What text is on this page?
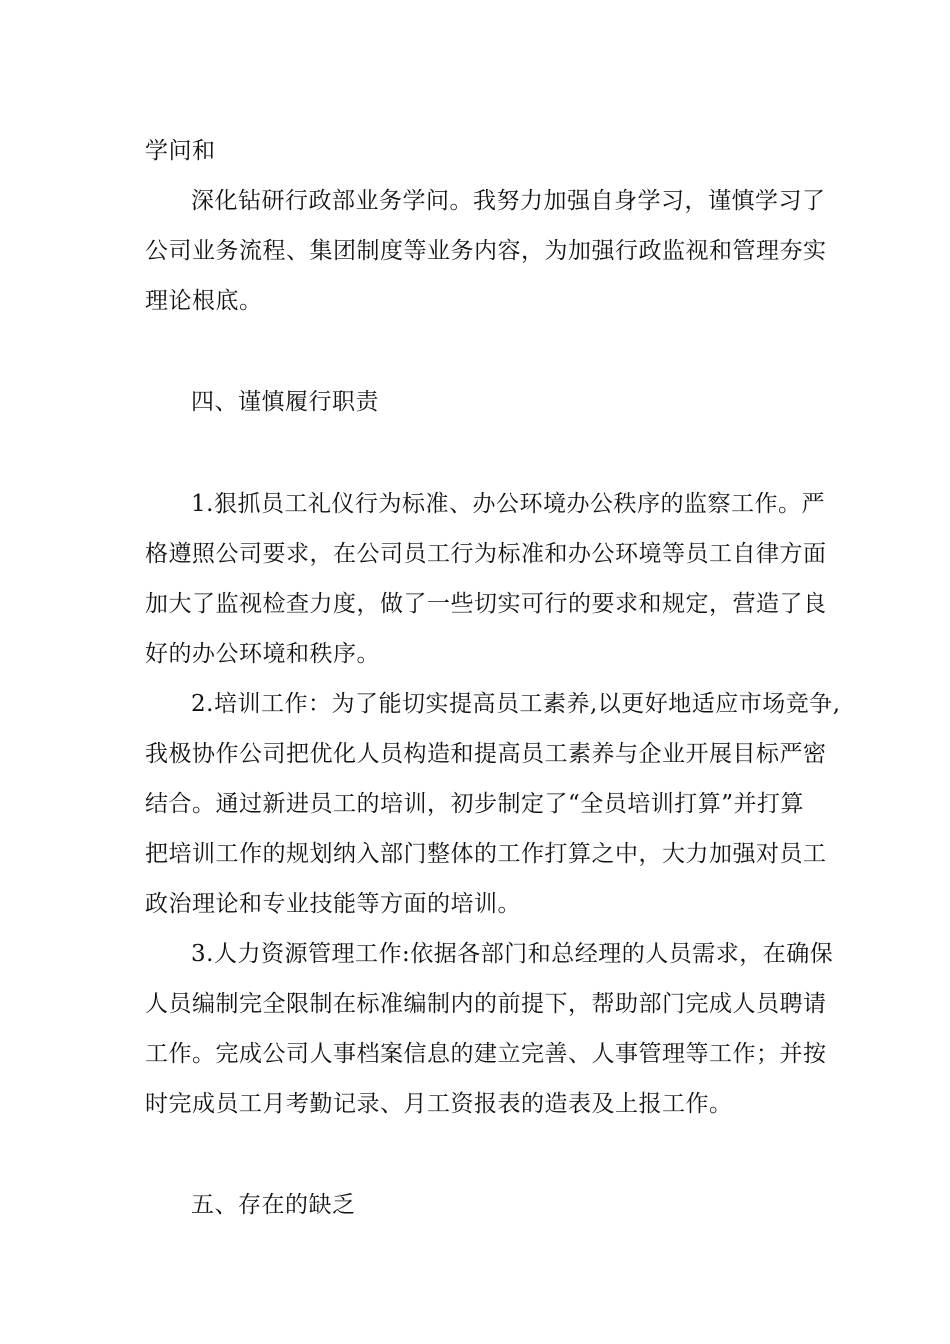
学问和
深化钻研行政部业务学问。我努力加强自身学习，谨慎学习了
公司业务流程、集团制度等业务内容，为加强行政监视和管理夯实
理论根底。
四、谨慎履行职责
1.狠抓员工礼仪行为标准、办公环境办公秩序的监察工作。严
格遵照公司要求，在公司员工行为标准和办公环境等员工自律方面
加大了监视检查力度，做了一些切实可行的要求和规定，营造了良
好的办公环境和秩序。
2.培训工作：为了能切实提高员工素养,以更好地适应市场竞争,
我极协作公司把优化人员构造和提高员工素养与企业开展目标严密
结合。通过新进员工的培训，初步制定了“全员培训打算”并打算
把培训工作的规划纳入部门整体的工作打算之中，大力加强对员工
政治理论和专业技能等方面的培训。
3.人力资源管理工作:依据各部门和总经理的人员需求，在确保
人员编制完全限制在标准编制内的前提下，帮助部门完成人员聘请
工作。完成公司人事档案信息的建立完善、人事管理等工作；并按
时完成员工月考勤记录、月工资报表的造表及上报工作。
五、存在的缺乏
